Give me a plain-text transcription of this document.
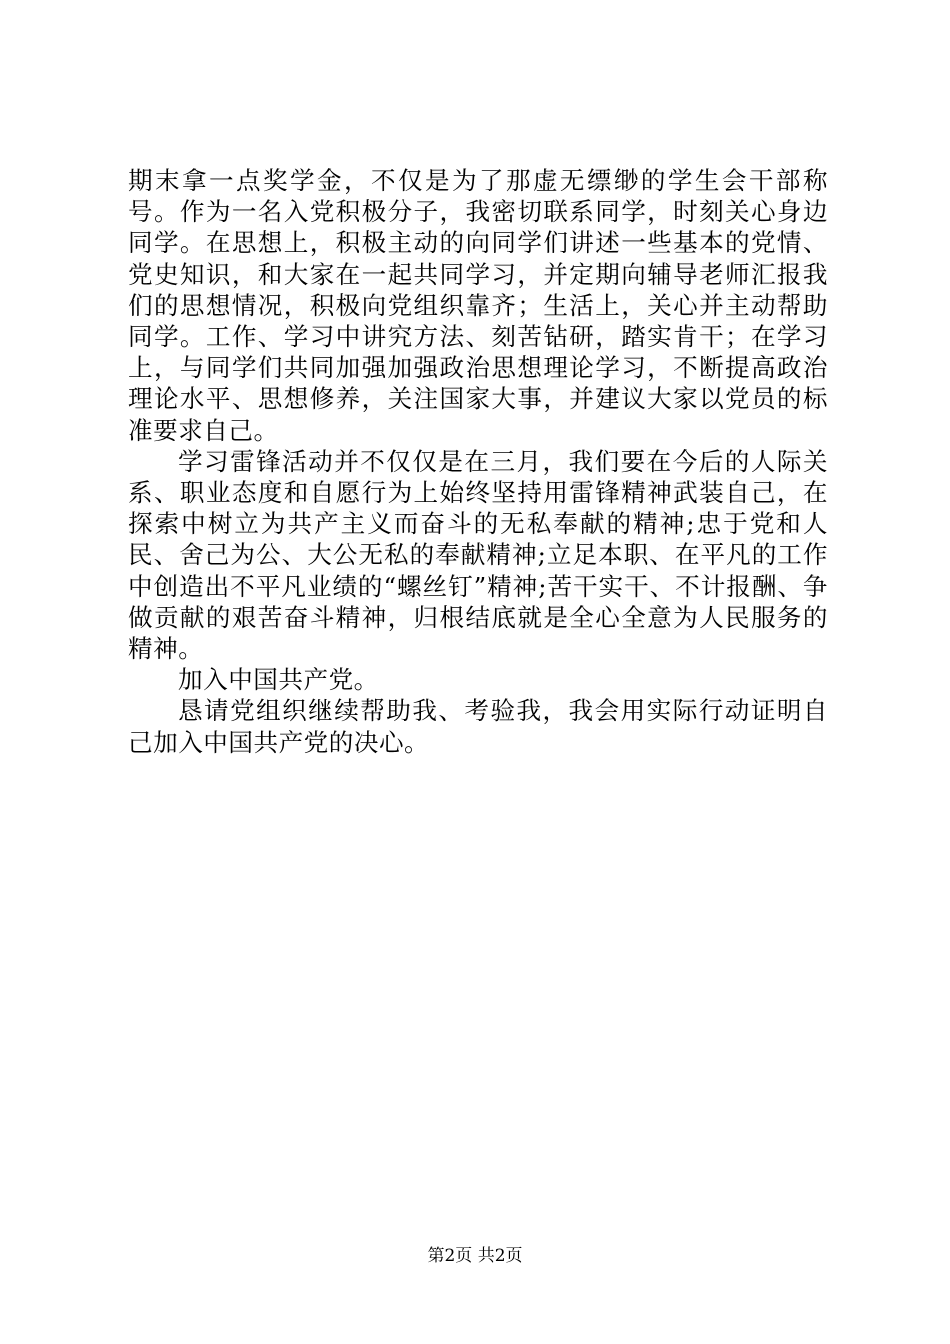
期末拿一点奖学金，不仅是为了那虚无缥缈的学生会干部称号。作为一名入党积极分子，我密切联系同学，时刻关心身边同学。在思想上，积极主动的向同学们讲述一些基本的党情、党史知识，和大家在一起共同学习，并定期向辅导老师汇报我们的思想情况，积极向党组织靠齐；生活上，关心并主动帮助同学。工作、学习中讲究方法、刻苦钻研，踏实肯干；在学习上，与同学们共同加强加强政治思想理论学习，不断提高政治理论水平、思想修养，关注国家大事，并建议大家以党员的标准要求自己。

学习雷锋活动并不仅仅是在三月，我们要在今后的人际关系、职业态度和自愿行为上始终坚持用雷锋精神武装自己，在探索中树立为共产主义而奋斗的无私奉献的精神;忠于党和人民、舍己为公、大公无私的奉献精神;立足本职、在平凡的工作中创造出不平凡业绩的“螺丝钉”精神;苦干实干、不计报酬、争做贡献的艰苦奋斗精神，归根结底就是全心全意为人民服务的精神。

加入中国共产党。

恳请党组织继续帮助我、考验我，我会用实际行动证明自己加入中国共产党的决心。

第2页 共2页
